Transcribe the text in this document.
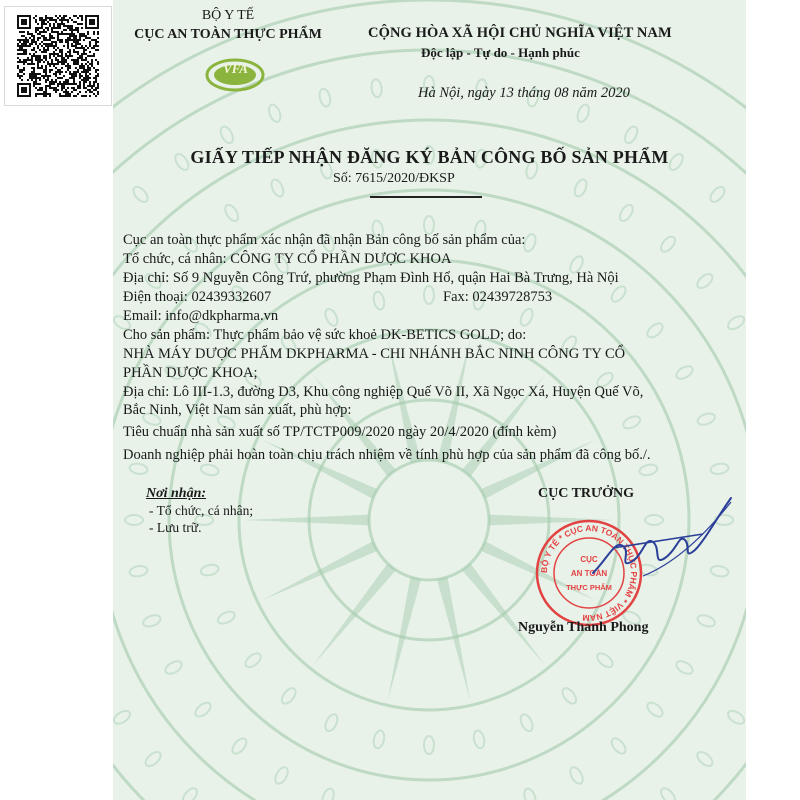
BỘ Y TẾ
CỤC AN TOÀN THỰC PHẨM
VFA
CỘNG HÒA XÃ HỘI CHỦ NGHĨA VIỆT NAM
Độc lập - Tự do - Hạnh phúc
Hà Nội, ngày 13 tháng 08 năm 2020
GIẤY TIẾP NHẬN ĐĂNG KÝ BẢN CÔNG BỐ SẢN PHẨM
Số: 7615/2020/ĐKSP
Cục an toàn thực phẩm xác nhận đã nhận Bản công bố sản phẩm của:
Tổ chức, cá nhân: CÔNG TY CỔ PHẦN DƯỢC KHOA
Địa chỉ: Số 9 Nguyễn Công Trứ, phường Phạm Đình Hổ, quận Hai Bà Trưng, Hà Nội
Điện thoại: 02439332607	Fax: 02439728753
Email: info@dkpharma.vn
Cho sản phẩm: Thực phẩm bảo vệ sức khoẻ DK-BETICS GOLD; do:
NHÀ MÁY DƯỢC PHẨM DKPHARMA - CHI NHÁNH BẮC NINH CÔNG TY CỔ
PHẦN DƯỢC KHOA;
Địa chỉ: Lô III-1.3, đường D3, Khu công nghiệp Quế Võ II, Xã Ngọc Xá, Huyện Quế Võ,
Bắc Ninh, Việt Nam sản xuất, phù hợp:
Tiêu chuẩn nhà sản xuất số TP/TCTP009/2020 ngày 20/4/2020 (đính kèm)
Doanh nghiệp phải hoàn toàn chịu trách nhiệm về tính phù hợp của sản phẩm đã công bố./.
Nơi nhận:
- Tổ chức, cá nhân;
- Lưu trữ.
CỤC TRƯỞNG
BỘ Y TẾ * CỤC AN TOÀN THỰC PHẨM * VIỆT NAM
CỤC
AN TOÀN
THỰC PHẨM
Nguyễn Thanh Phong
